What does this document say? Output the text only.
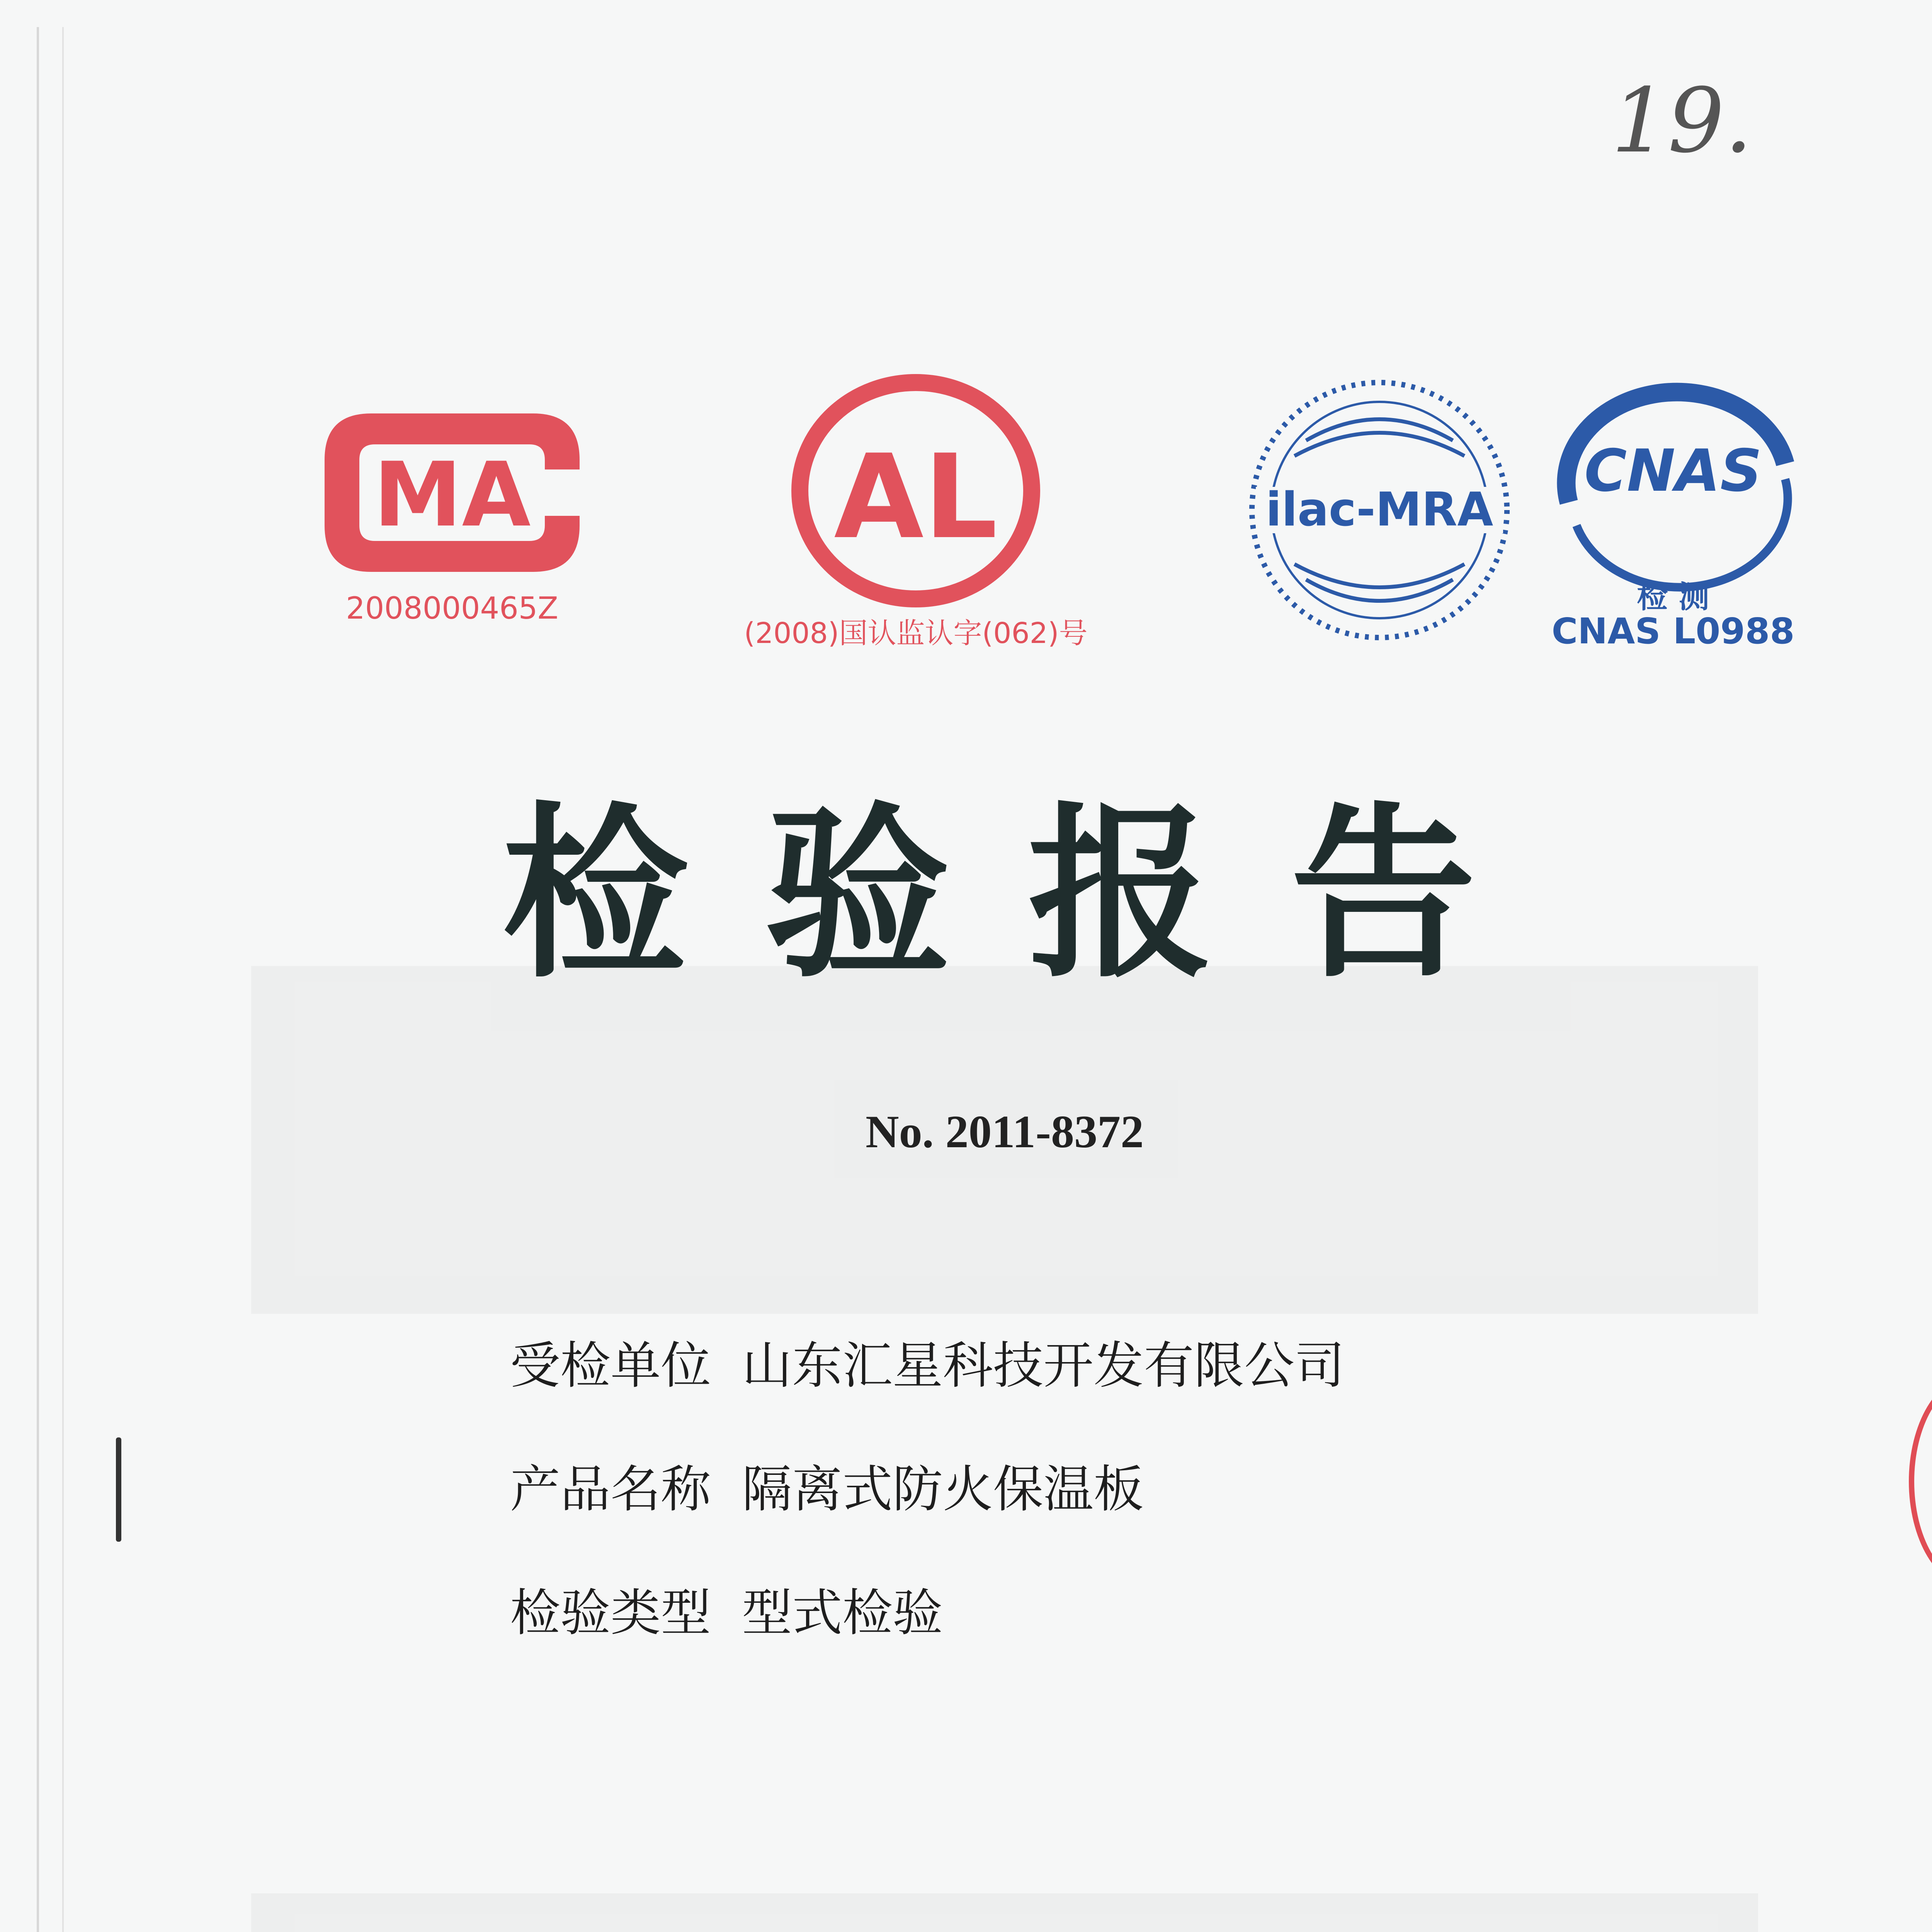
19.
MA
2008000465Z
AL
(2008)国认监认字(062)号
ilac-MRA
CNAS
检 测
CNAS L0988
检验报告
No. 2011-8372
受检单位 山东汇星科技开发有限公司
产品名称 隔离式防火保温板
检验类型 型式检验
